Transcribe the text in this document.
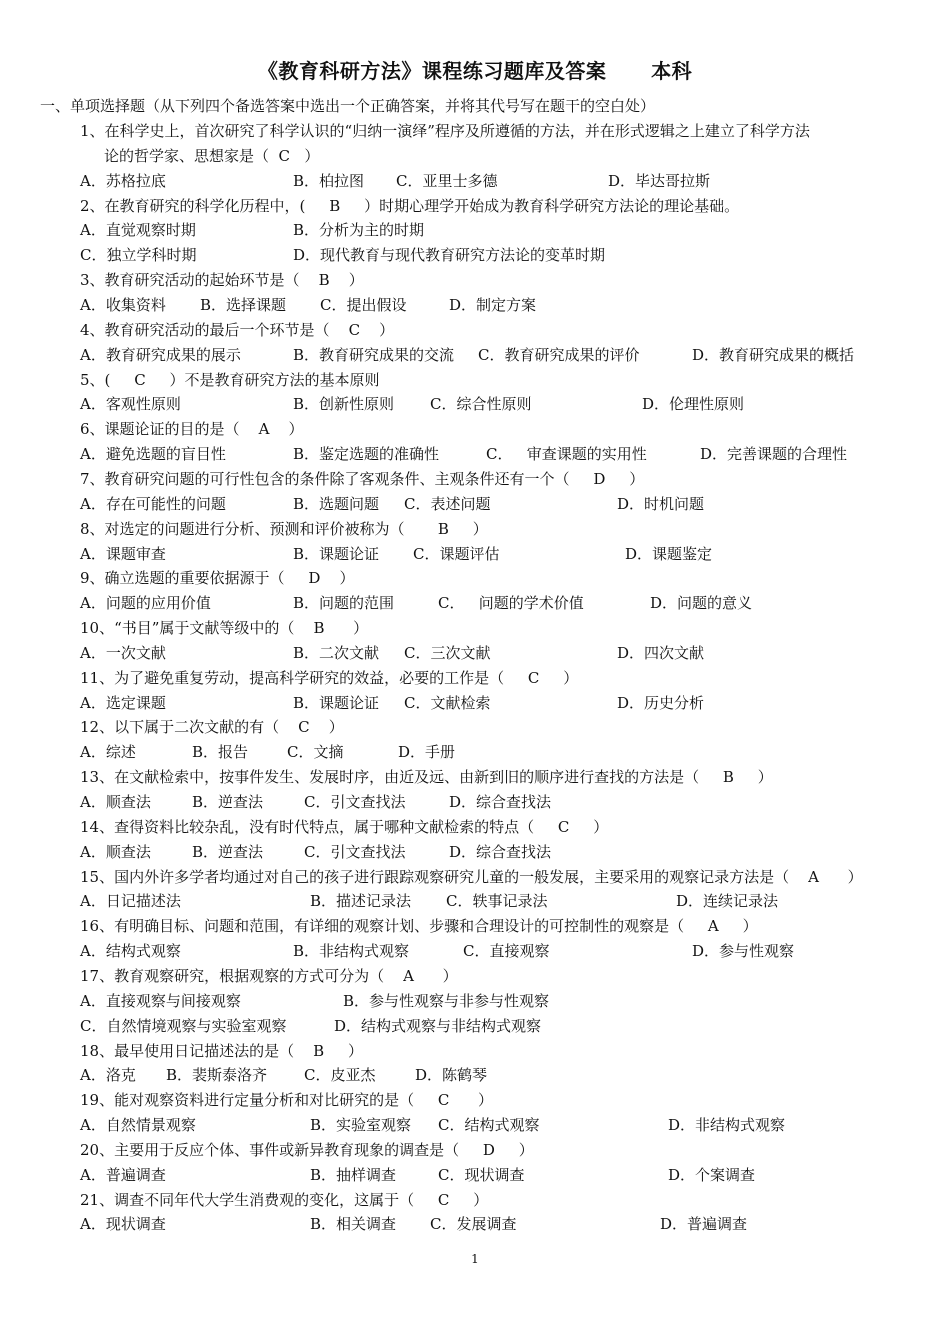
《教育科研方法》课程练习题库及答案      本科
一、单项选择题（从下列四个备选答案中选出一个正确答案，并将其代号写在题干的空白处）
1、在科学史上，首次研究了科学认识的“归纳一演绎”程序及所遵循的方法，并在形式逻辑之上建立了科学方法
论的哲学家、思想家是（  C   ）
A．苏格拉底	B．柏拉图 C．亚里士多德	D．毕达哥拉斯
2、在教育研究的科学化历程中，(     B     ）时期心理学开始成为教育科学研究方法论的理论基础。
A．直觉观察时期	B．分析为主的时期
C．独立学科时期	D．现代教育与现代教育研究方法论的变革时期
3、教育研究活动的起始环节是（    B    ）
A．收集资料 B．选择课题 C．提出假设	D．制定方案
4、教育研究活动的最后一个环节是（    C    ）
A．教育研究成果的展示	B．教育研究成果的交流 C．教育研究成果的评价	D．教育研究成果的概括
5、(     C     ）不是教育研究方法的基本原则
A．客观性原则	B．创新性原则 C．综合性原则	D．伦理性原则
6、课题论证的目的是（    A    ）
A．避免选题的盲目性	B．鉴定选题的准确性	C．   审查课题的实用性	D．完善课题的合理性
7、教育研究问题的可行性包含的条件除了客观条件、主观条件还有一个（     D     ）
A．存在可能性的问题	B．选题问题 C．表述问题	D．时机问题
8、对选定的问题进行分析、预测和评价被称为（       B     ）
A．课题审查	B．课题论证 C．课题评估	D．课题鉴定
9、确立选题的重要依据源于（     D    ）
A．问题的应用价值	B．问题的范围	C．   问题的学术价值	D．问题的意义
10、“书目”属于文献等级中的（    B      ）
A．一次文献	B．二次文献 C．三次文献	D．四次文献
11、为了避免重复劳动，提高科学研究的效益，必要的工作是（     C     ）
A．选定课题	B．课题论证 C．文献检索	D．历史分析
12、以下属于二次文献的有（    C    ）
A．综述	B．报告	C．文摘	D．手册
13、在文献检索中，按事件发生、发展时序，由近及远、由新到旧的顺序进行查找的方法是（     B     ）
A．顺查法	B．逆查法	C．引文查找法	D．综合查找法
14、查得资料比较杂乱，没有时代特点，属于哪种文献检索的特点（     C     ）
A．顺查法	B．逆查法	C．引文查找法	D．综合查找法
15、国内外许多学者均通过对自己的孩子进行跟踪观察研究儿童的一般发展，主要采用的观察记录方法是（    A      ）
A．日记描述法	B．描述记录法 C．轶事记录法	D．连续记录法
16、有明确目标、问题和范围，有详细的观察计划、步骤和合理设计的可控制性的观察是（     A     ）
A．结构式观察	B．非结构式观察	C．直接观察	D．参与性观察
17、教育观察研究，根据观察的方式可分为（    A      ）
A．直接观察与间接观察	B．参与性观察与非参与性观察
C．自然情境观察与实验室观察	D．结构式观察与非结构式观察
18、最早使用日记描述法的是（    B     ）
A．洛克 B．裴斯泰洛齐 C．皮亚杰	D．陈鹤琴
19、能对观察资料进行定量分析和对比研究的是（     C      ）
A．自然情景观察	B．实验室观察 C．结构式观察	D．非结构式观察
20、主要用于反应个体、事件或新异教育现象的调查是（     D     ）
A．普遍调查	B．抽样调查	C．现状调查	D．个案调查
21、调查不同年代大学生消费观的变化，这属于（     C     ）
A．现状调查	B．相关调查 C．发展调查	D．普遍调查
1
